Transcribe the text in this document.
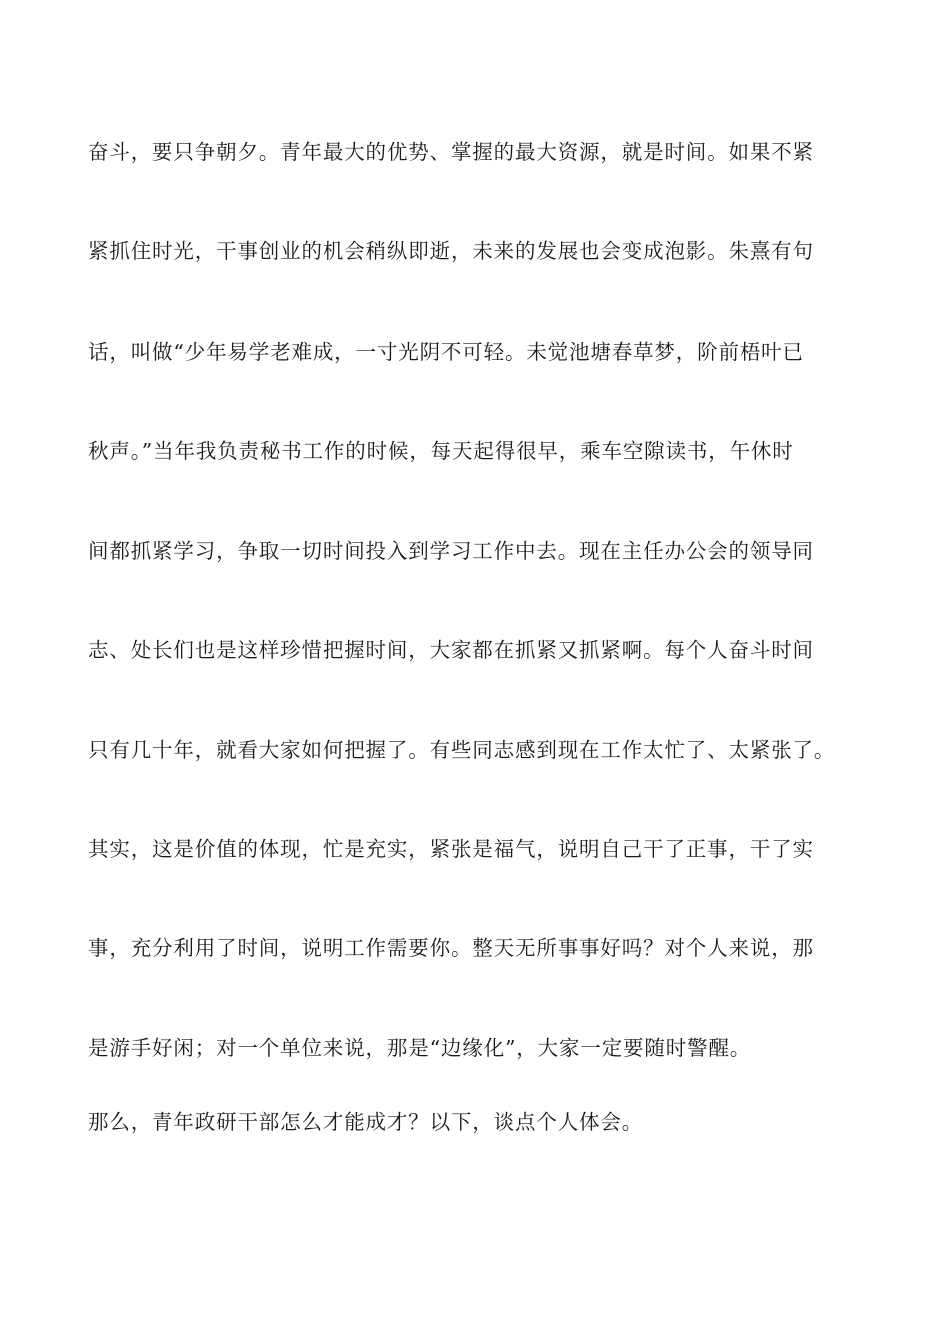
奋斗，要只争朝夕。青年最大的优势、掌握的最大资源，就是时间。如果不紧
紧抓住时光，干事创业的机会稍纵即逝，未来的发展也会变成泡影。朱熹有句
话，叫做“少年易学老难成，一寸光阴不可轻。未觉池塘春草梦，阶前梧叶已
秋声。”当年我负责秘书工作的时候，每天起得很早，乘车空隙读书，午休时
间都抓紧学习，争取一切时间投入到学习工作中去。现在主任办公会的领导同
志、处长们也是这样珍惜把握时间，大家都在抓紧又抓紧啊。每个人奋斗时间
只有几十年，就看大家如何把握了。有些同志感到现在工作太忙了、太紧张了。
其实，这是价值的体现，忙是充实，紧张是福气，说明自己干了正事，干了实
事，充分利用了时间，说明工作需要你。整天无所事事好吗？对个人来说，那
是游手好闲；对一个单位来说，那是“边缘化”，大家一定要随时警醒。
那么，青年政研干部怎么才能成才？以下，谈点个人体会。
